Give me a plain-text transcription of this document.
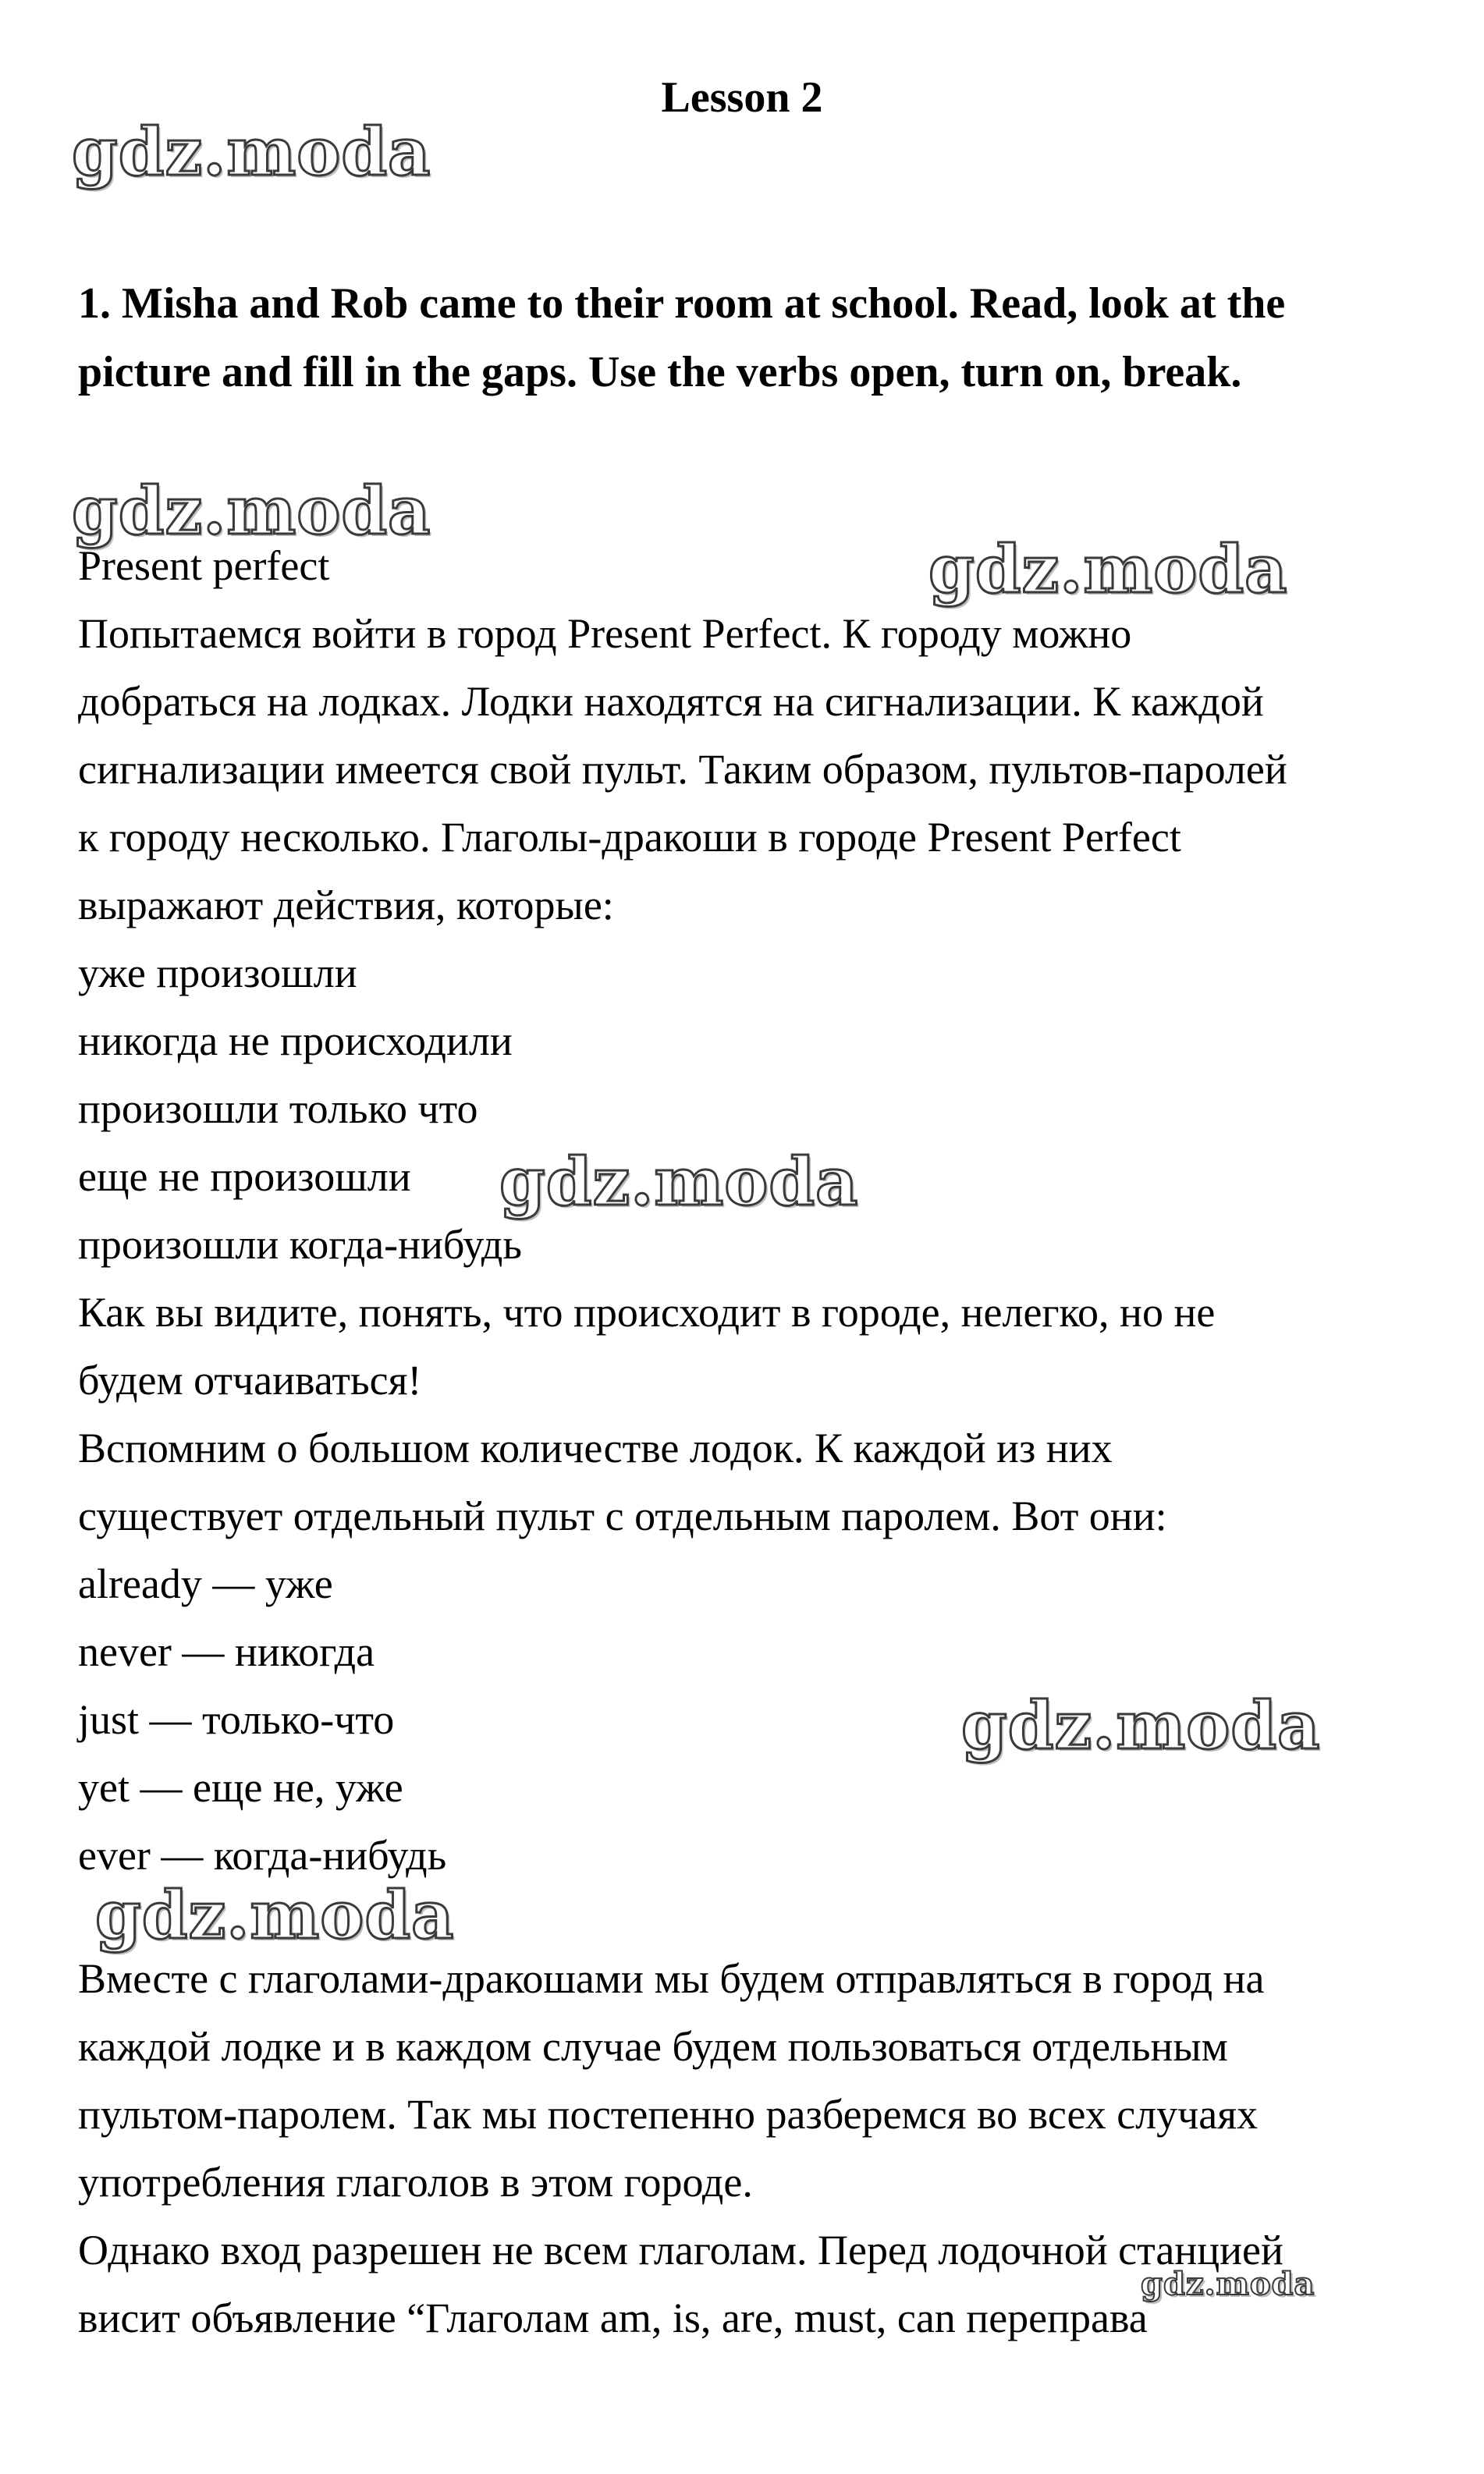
Lesson 2
gdz.moda
1. Misha and Rob came to their room at school. Read, look at the picture and fill in the gaps. Use the verbs open, turn on, break.
gdz.moda
gdz.moda
Present perfect
Попытаемся войти в город Present Perfect. К городу можно
добраться на лодках. Лодки находятся на сигнализации. К каждой
сигнализации имеется свой пульт. Таким образом, пультов-паролей
к городу несколько. Глаголы-дракоши в городе Present Perfect
выражают действия, которые:
уже произошли
никогда не происходили
произошли только что
еще не произошли
произошли когда-нибудь
Как вы видите, понять, что происходит в городе, нелегко, но не
будем отчаиваться!
Вспомним о большом количестве лодок. К каждой из них
существует отдельный пульт с отдельным паролем. Вот они:
already — уже
never — никогда
just — только-что
yet — еще не, уже
ever — когда-нибудь
gdz.moda
gdz.moda
gdz.moda
Вместе с глаголами-дракошами мы будем отправляться в город на
каждой лодке и в каждом случае будем пользоваться отдельным
пультом-паролем. Так мы постепенно разберемся во всех случаях
употребления глаголов в этом городе.
Однако вход разрешен не всем глаголам. Перед лодочной станцией
висит объявление “Глаголам am, is, are, must, can переправа
gdz.moda
